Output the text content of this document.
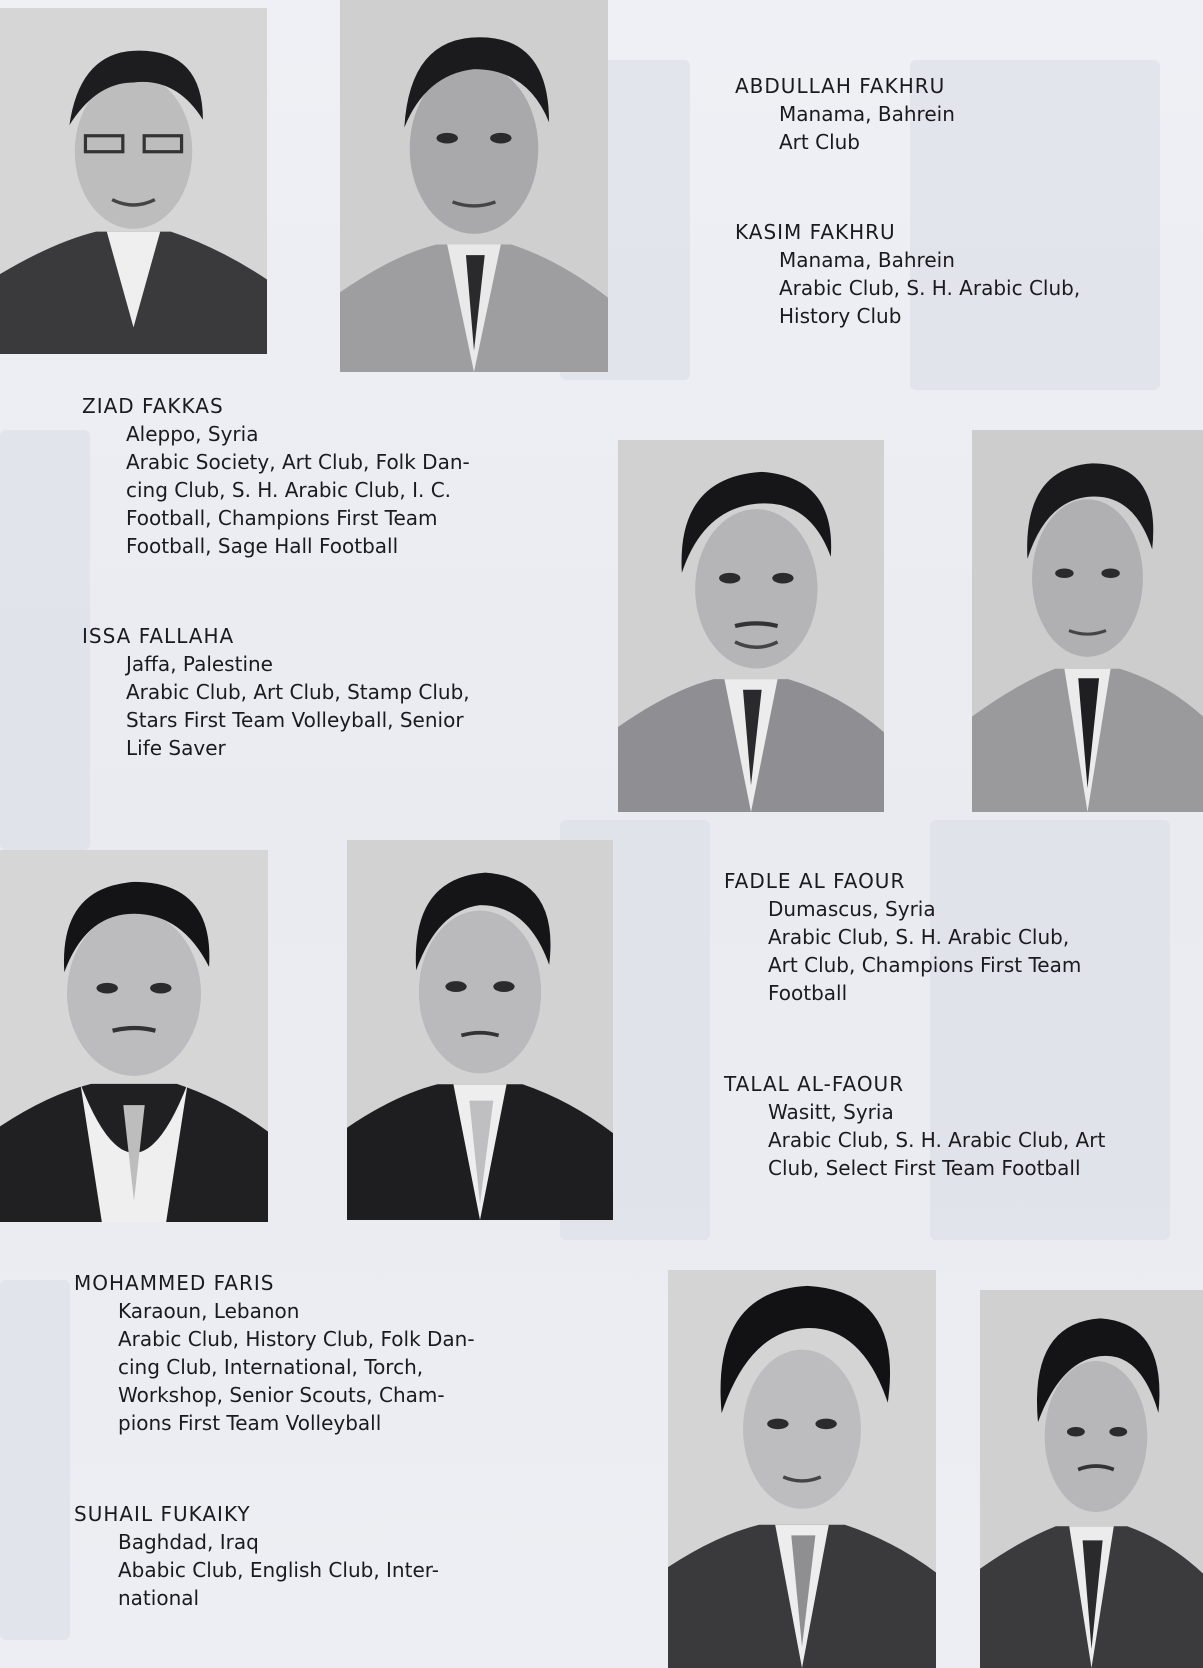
ABDULLAH FAKHRU
Manama, Bahrein
Art Club
KASIM FAKHRU
Manama, Bahrein
Arabic Club, S. H. Arabic Club,
History Club
ZIAD FAKKAS
Aleppo, Syria
Arabic Society, Art Club, Folk Dan-
cing Club, S. H. Arabic Club, I. C.
Football, Champions First Team
Football, Sage Hall Football
ISSA FALLAHA
Jaffa, Palestine
Arabic Club, Art Club, Stamp Club,
Stars First Team Volleyball, Senior
Life Saver
FADLE AL FAOUR
Dumascus, Syria
Arabic Club, S. H. Arabic Club,
Art Club, Champions First Team
Football
TALAL AL-FAOUR
Wasitt, Syria
Arabic Club, S. H. Arabic Club, Art
Club, Select First Team Football
MOHAMMED FARIS
Karaoun, Lebanon
Arabic Club, History Club, Folk Dan-
cing Club, International, Torch,
Workshop, Senior Scouts, Cham-
pions First Team Volleyball
SUHAIL FUKAIKY
Baghdad, Iraq
Ababic Club, English Club, Inter-
national
